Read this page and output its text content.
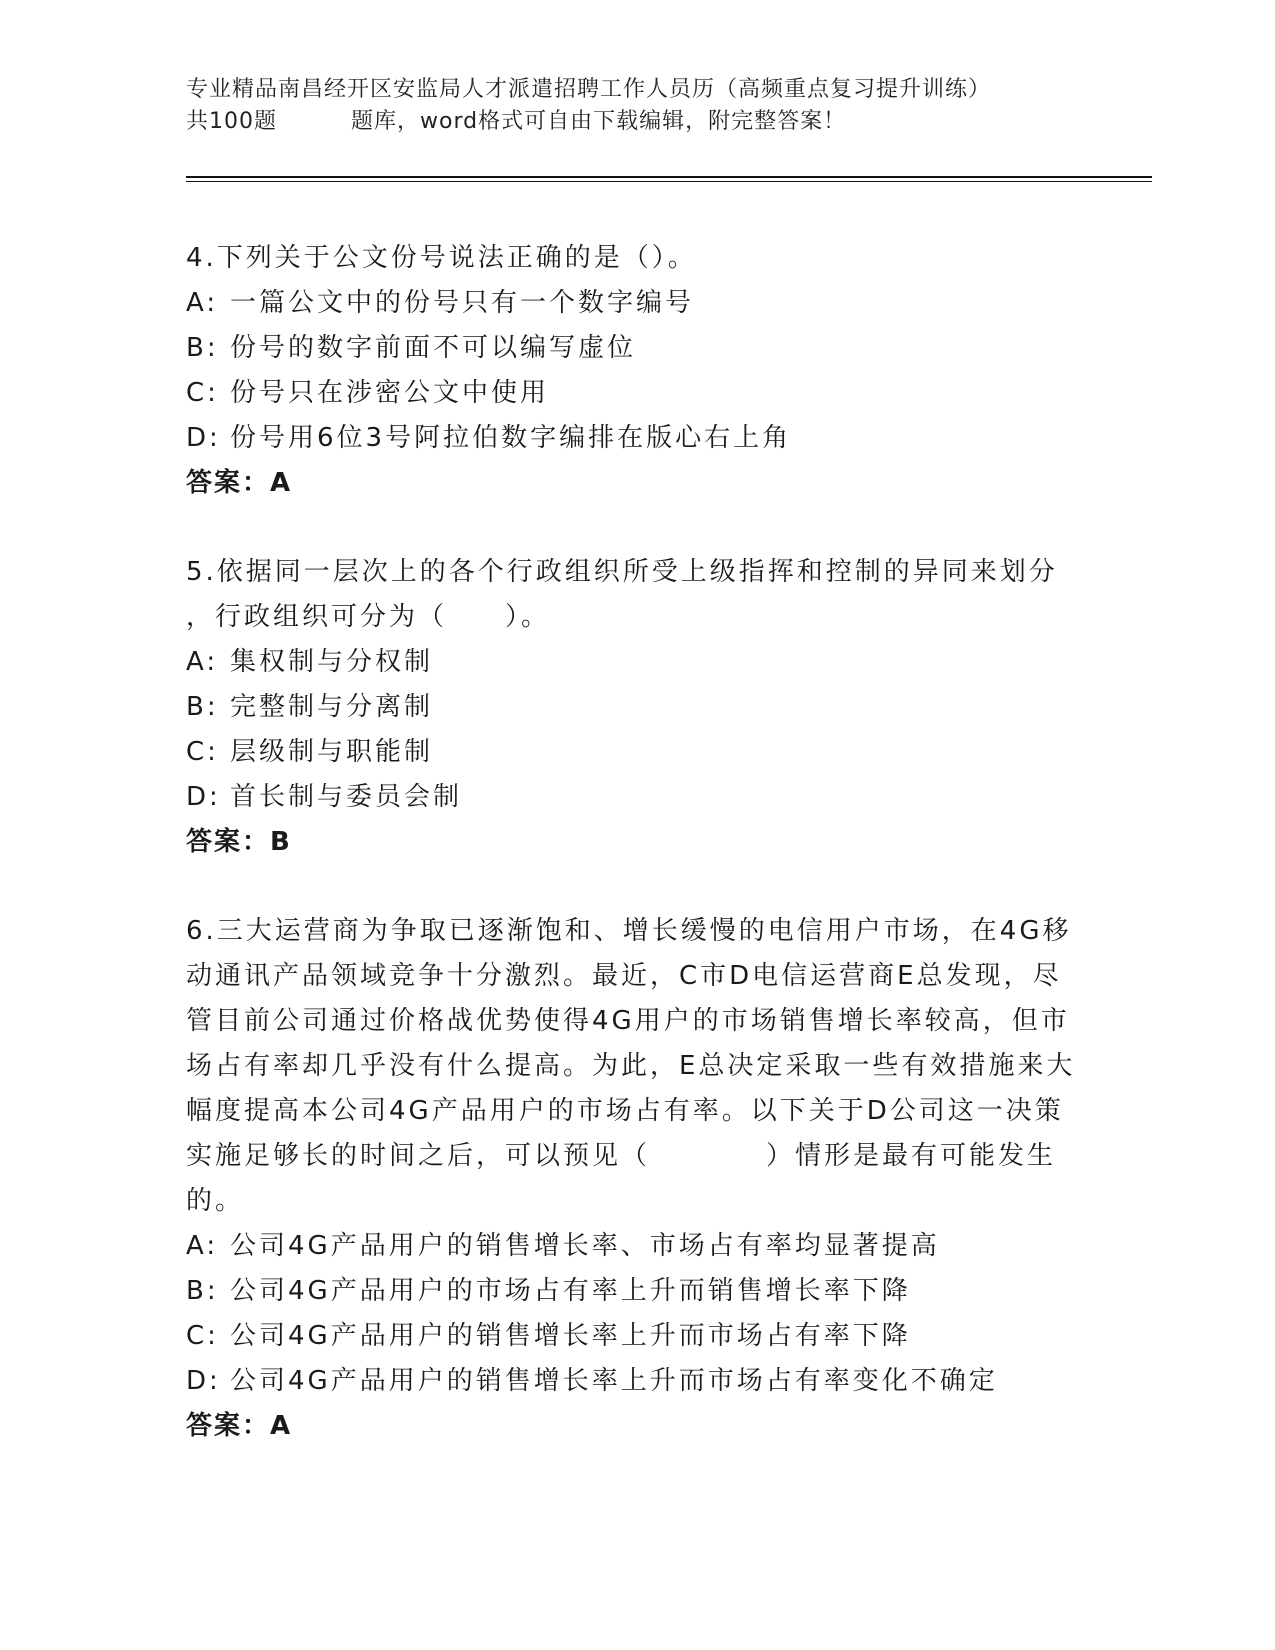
专业精品南昌经开区安监局人才派遣招聘工作人员历（高频重点复习提升训练）
共100题	题库，word格式可自由下载编辑，附完整答案！

4.下列关于公文份号说法正确的是（）。

A: 一篇公文中的份号只有一个数字编号

B: 份号的数字前面不可以编写虚位

C: 份号只在涉密公文中使用

D: 份号用6位3号阿拉伯数字编排在版心右上角

答案：A

5.依据同一层次上的各个行政组织所受上级指挥和控制的异同来划分

，行政组织可分为（　　）。

A: 集权制与分权制

B: 完整制与分离制

C: 层级制与职能制

D: 首长制与委员会制

答案：B

6.三大运营商为争取已逐渐饱和、增长缓慢的电信用户市场，在4G移

动通讯产品领域竞争十分激烈。最近，C市D电信运营商E总发现，尽

管目前公司通过价格战优势使得4G用户的市场销售增长率较高，但市

场占有率却几乎没有什么提高。为此，E总决定采取一些有效措施来大

幅度提高本公司4G产品用户的市场占有率。以下关于D公司这一决策

实施足够长的时间之后，可以预见（　　　　）情形是最有可能发生

的。

A: 公司4G产品用户的销售增长率、市场占有率均显著提高

B: 公司4G产品用户的市场占有率上升而销售增长率下降

C: 公司4G产品用户的销售增长率上升而市场占有率下降

D: 公司4G产品用户的销售增长率上升而市场占有率变化不确定

答案：A
